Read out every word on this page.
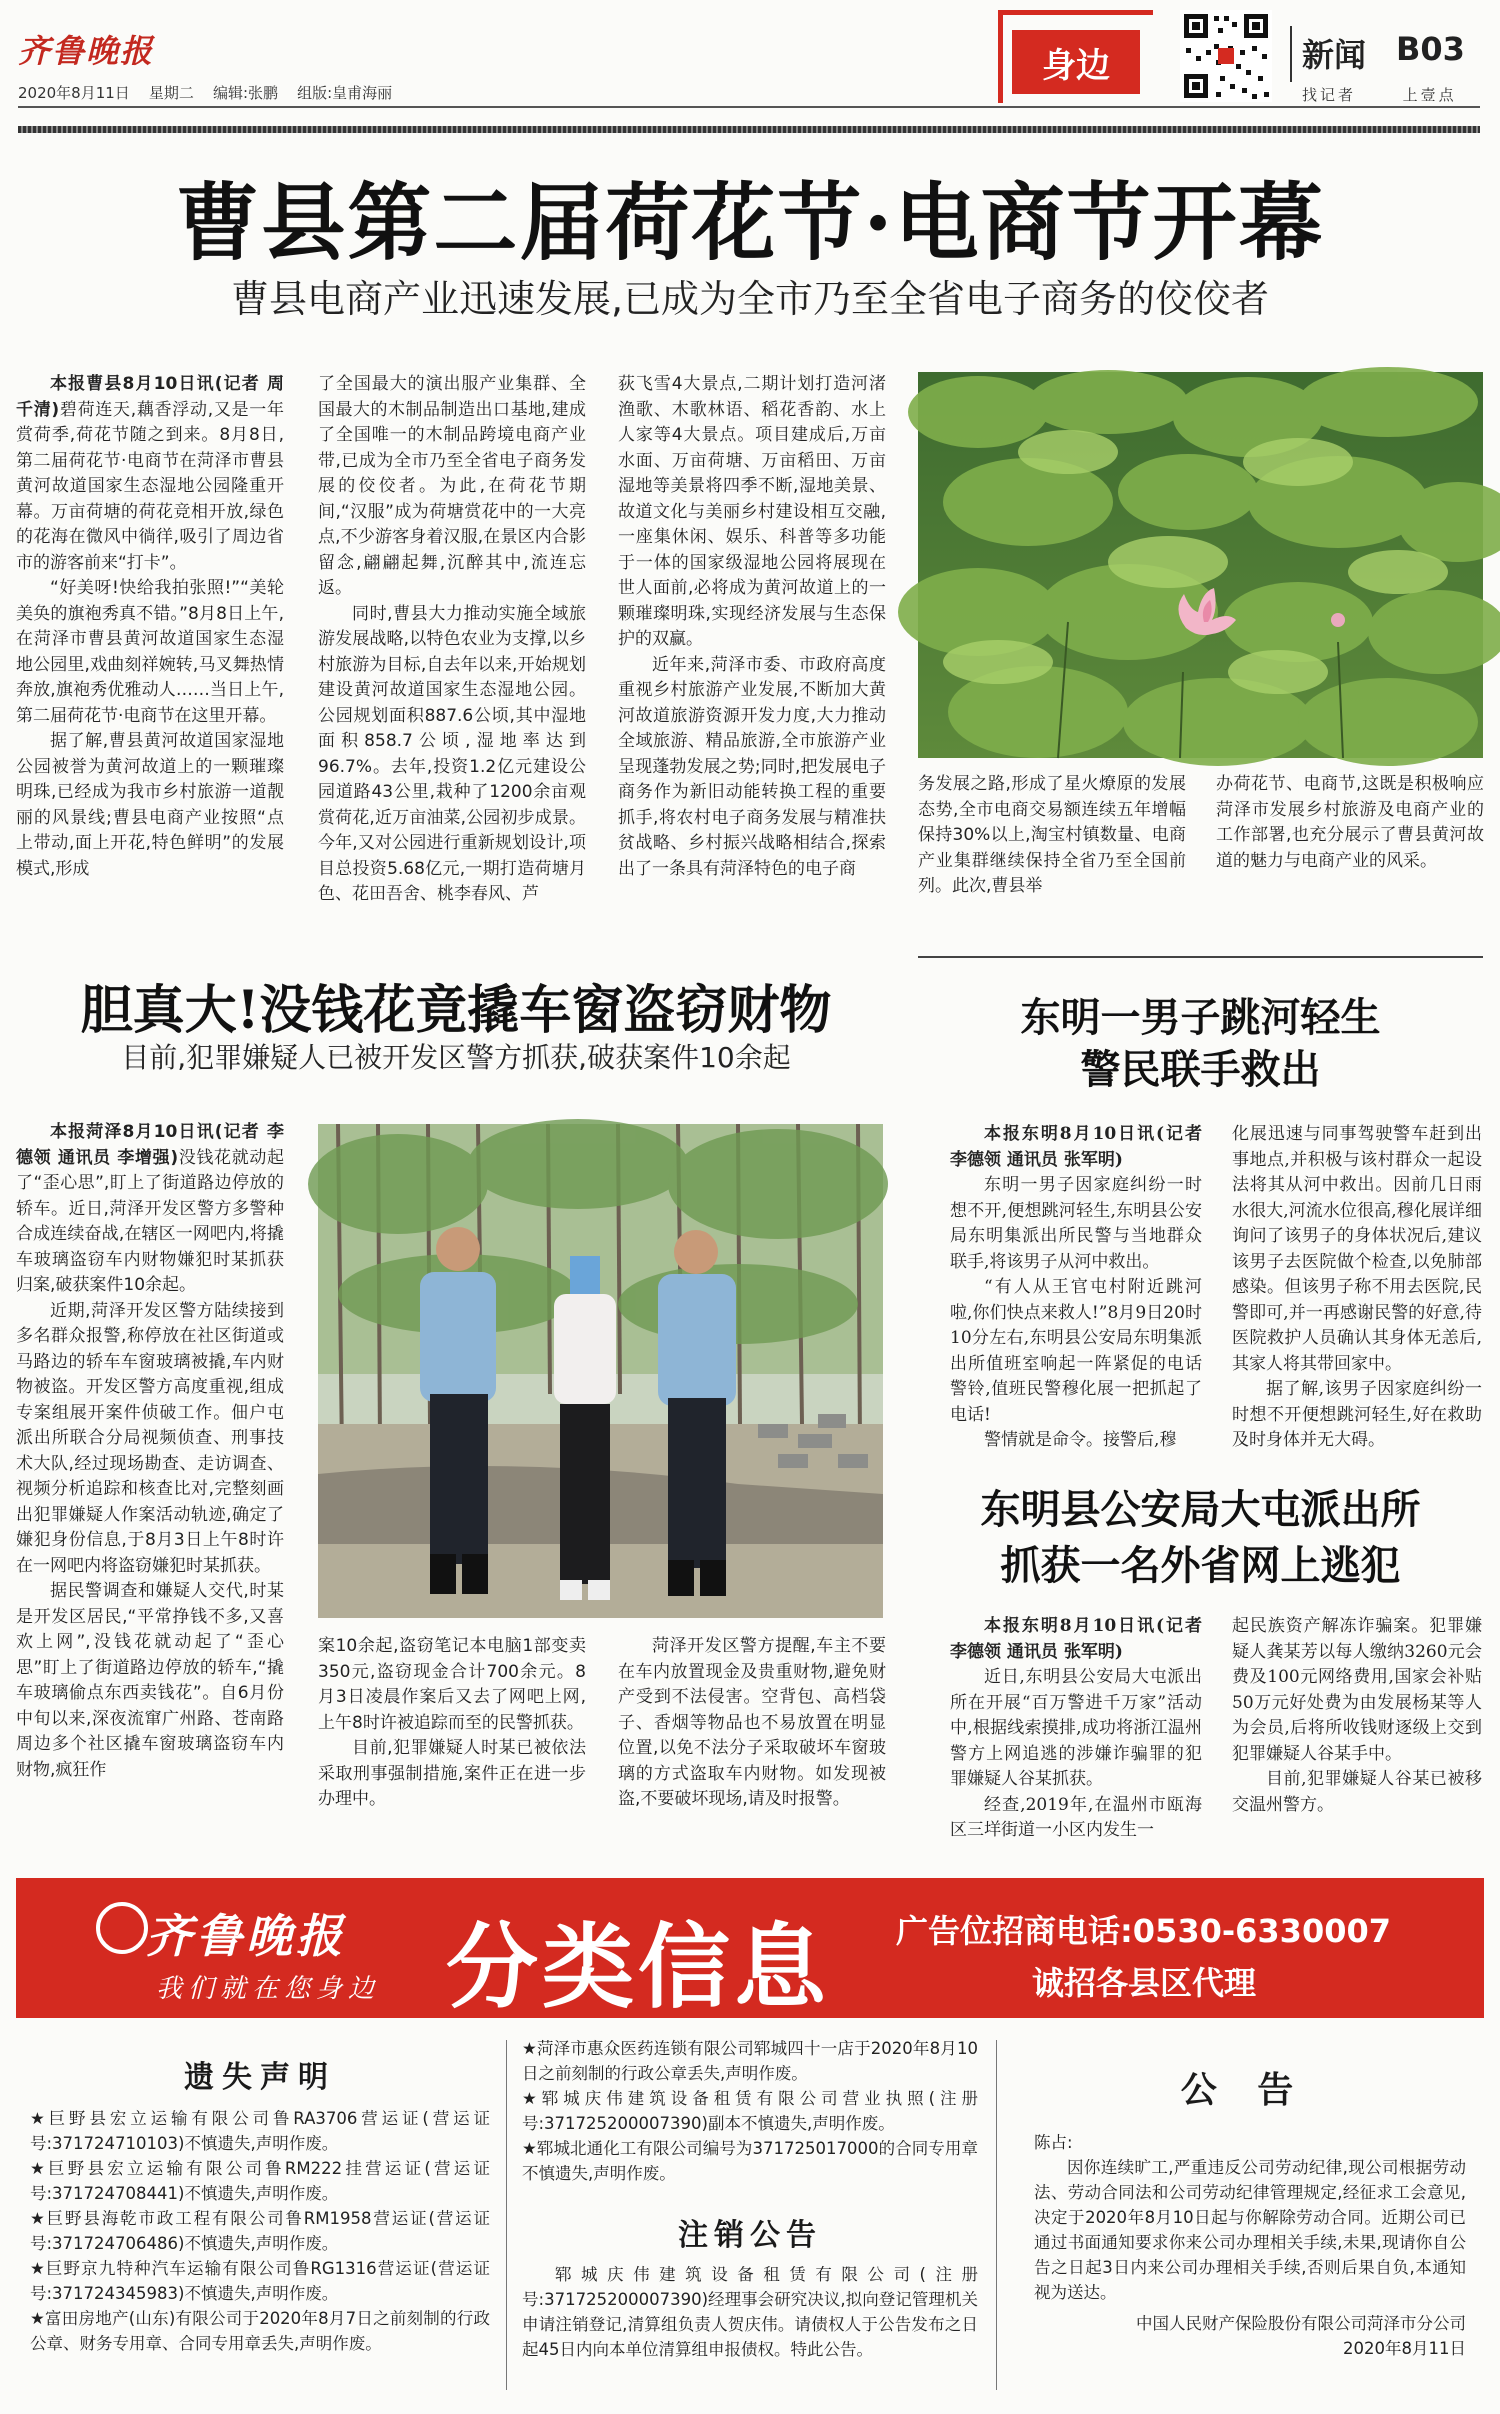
齐鲁晚报
2020年8月11日 星期二 编辑:张鹏 组版:皇甫海丽
身边	新闻 B03
找记者	上壹点
曹县第二届荷花节·电商节开幕
曹县电商产业迅速发展,已成为全市乃至全省电子商务的佼佼者

本报曹县8月10日讯(记者 周千清)碧荷连天,藕香浮动,又是一年赏荷季,荷花节随之到来。8月8日,第二届荷花节·电商节在菏泽市曹县黄河故道国家生态湿地公园隆重开幕。万亩荷塘的荷花竞相开放,绿色的花海在微风中徜徉,吸引了周边省市的游客前来“打卡”。

“好美呀!快给我拍张照!”“美轮美奂的旗袍秀真不错。”8月8日上午,在菏泽市曹县黄河故道国家生态湿地公园里,戏曲刻祥婉转,马叉舞热情奔放,旗袍秀优雅动人……当日上午,第二届荷花节·电商节在这里开幕。

据了解,曹县黄河故道国家湿地公园被誉为黄河故道上的一颗璀璨明珠,已经成为我市乡村旅游一道靓丽的风景线;曹县电商产业按照“点上带动,面上开花,特色鲜明”的发展模式,形成

了全国最大的演出服产业集群、全国最大的木制品制造出口基地,建成了全国唯一的木制品跨境电商产业带,已成为全市乃至全省电子商务发展的佼佼者。为此,在荷花节期间,“汉服”成为荷塘赏花中的一大亮点,不少游客身着汉服,在景区内合影留念,翩翩起舞,沉醉其中,流连忘返。

同时,曹县大力推动实施全域旅游发展战略,以特色农业为支撑,以乡村旅游为目标,自去年以来,开始规划建设黄河故道国家生态湿地公园。公园规划面积887.6公顷,其中湿地面积858.7公顷,湿地率达到96.7%。去年,投资1.2亿元建设公园道路43公里,栽种了1200余亩观赏荷花,近万亩油菜,公园初步成景。今年,又对公园进行重新规划设计,项目总投资5.68亿元,一期打造荷塘月色、花田吾舍、桃李春风、芦

荻飞雪4大景点,二期计划打造河渚渔歌、木歌林语、稻花香韵、水上人家等4大景点。项目建成后,万亩水面、万亩荷塘、万亩稻田、万亩湿地等美景将四季不断,湿地美景、故道文化与美丽乡村建设相互交融,一座集休闲、娱乐、科普等多功能于一体的国家级湿地公园将展现在世人面前,必将成为黄河故道上的一颗璀璨明珠,实现经济发展与生态保护的双赢。

近年来,菏泽市委、市政府高度重视乡村旅游产业发展,不断加大黄河故道旅游资源开发力度,大力推动全域旅游、精品旅游,全市旅游产业呈现蓬勃发展之势;同时,把发展电子商务作为新旧动能转换工程的重要抓手,将农村电子商务发展与精准扶贫战略、乡村振兴战略相结合,探索出了一条具有菏泽特色的电子商

务发展之路,形成了星火燎原的发展态势,全市电商交易额连续五年增幅保持30%以上,淘宝村镇数量、电商产业集群继续保持全省乃至全国前列。此次,曹县举

办荷花节、电商节,这既是积极响应菏泽市发展乡村旅游及电商产业的工作部署,也充分展示了曹县黄河故道的魅力与电商产业的风采。

胆真大!没钱花竟撬车窗盗窃财物
目前,犯罪嫌疑人已被开发区警方抓获,破获案件10余起

本报菏泽8月10日讯(记者 李德领 通讯员 李增强)没钱花就动起了“歪心思”,盯上了街道路边停放的轿车。近日,菏泽开发区警方多警种合成连续奋战,在辖区一网吧内,将撬车玻璃盗窃车内财物嫌犯时某抓获归案,破获案件10余起。

近期,菏泽开发区警方陆续接到多名群众报警,称停放在社区街道或马路边的轿车车窗玻璃被撬,车内财物被盗。开发区警方高度重视,组成专案组展开案件侦破工作。佃户屯派出所联合分局视频侦查、刑事技术大队,经过现场勘查、走访调查、视频分析追踪和核查比对,完整刻画出犯罪嫌疑人作案活动轨迹,确定了嫌犯身份信息,于8月3日上午8时许在一网吧内将盗窃嫌犯时某抓获。

据民警调查和嫌疑人交代,时某是开发区居民,“平常挣钱不多,又喜欢上网”,没钱花就动起了“歪心思”盯上了街道路边停放的轿车,“撬车玻璃偷点东西卖钱花”。自6月份中旬以来,深夜流窜广州路、苍南路周边多个社区撬车窗玻璃盗窃车内财物,疯狂作

案10余起,盗窃笔记本电脑1部变卖350元,盗窃现金合计700余元。8月3日凌晨作案后又去了网吧上网,上午8时许被追踪而至的民警抓获。

目前,犯罪嫌疑人时某已被依法采取刑事强制措施,案件正在进一步办理中。

菏泽开发区警方提醒,车主不要在车内放置现金及贵重财物,避免财产受到不法侵害。空背包、高档袋子、香烟等物品也不易放置在明显位置,以免不法分子采取破坏车窗玻璃的方式盗取车内财物。如发现被盗,不要破坏现场,请及时报警。

东明一男子跳河轻生
警民联手救出

本报东明8月10日讯(记者 李德领 通讯员 张军明)

东明一男子因家庭纠纷一时想不开,便想跳河轻生,东明县公安局东明集派出所民警与当地群众联手,将该男子从河中救出。

“有人从王官屯村附近跳河啦,你们快点来救人!”8月9日20时10分左右,东明县公安局东明集派出所值班室响起一阵紧促的电话警铃,值班民警穆化展一把抓起了电话!

警情就是命令。接警后,穆

化展迅速与同事驾驶警车赶到出事地点,并积极与该村群众一起设法将其从河中救出。因前几日雨水很大,河流水位很高,穆化展详细询问了该男子的身体状况后,建议该男子去医院做个检查,以免肺部感染。但该男子称不用去医院,民警即可,并一再感谢民警的好意,待医院救护人员确认其身体无恙后,其家人将其带回家中。

据了解,该男子因家庭纠纷一时想不开便想跳河轻生,好在救助及时身体并无大碍。

东明县公安局大屯派出所
抓获一名外省网上逃犯

本报东明8月10日讯(记者 李德领 通讯员 张军明)

近日,东明县公安局大屯派出所在开展“百万警进千万家”活动中,根据线索摸排,成功将浙江温州警方上网追逃的涉嫌诈骗罪的犯罪嫌疑人谷某抓获。

经查,2019年,在温州市瓯海区三垟街道一小区内发生一

起民族资产解冻诈骗案。犯罪嫌疑人龚某芳以每人缴纳3260元会费及100元网络费用,国家会补贴50万元好处费为由发展杨某等人为会员,后将所收钱财逐级上交到犯罪嫌疑人谷某手中。

目前,犯罪嫌疑人谷某已被移交温州警方。

齐鲁晚报
我们就在您身边 分类信息 广告位招商电话:0530-6330007
诚招各县区代理
遗失声明

★巨野县宏立运输有限公司鲁RA3706营运证(营运证号:371724710103)不慎遗失,声明作废。

★巨野县宏立运输有限公司鲁RM222挂营运证(营运证号:371724708441)不慎遗失,声明作废。

★巨野县海乾市政工程有限公司鲁RM1958营运证(营运证号:371724706486)不慎遗失,声明作废。

★巨野京九特种汽车运输有限公司鲁RG1316营运证(营运证号:371724345983)不慎遗失,声明作废。

★富田房地产(山东)有限公司于2020年8月7日之前刻制的行政公章、财务专用章、合同专用章丢失,声明作废。

★菏泽市惠众医药连锁有限公司郓城四十一店于2020年8月10日之前刻制的行政公章丢失,声明作废。

★郓城庆伟建筑设备租赁有限公司营业执照(注册号:371725200007390)副本不慎遗失,声明作废。

★郓城北通化工有限公司编号为371725017000的合同专用章不慎遗失,声明作废。

注销公告

郓城庆伟建筑设备租赁有限公司(注册号:371725200007390)经理事会研究决议,拟向登记管理机关申请注销登记,清算组负责人贺庆伟。请债权人于公告发布之日起45日内向本单位清算组申报债权。特此公告。

公 告

陈占:

因你连续旷工,严重违反公司劳动纪律,现公司根据劳动法、劳动合同法和公司劳动纪律管理规定,经征求工会意见,决定于2020年8月10日起与你解除劳动合同。近期公司已通过书面通知要求你来公司办理相关手续,未果,现请你自公告之日起3日内来公司办理相关手续,否则后果自负,本通知视为送达。

中国人民财产保险股份有限公司菏泽市分公司

2020年8月11日
